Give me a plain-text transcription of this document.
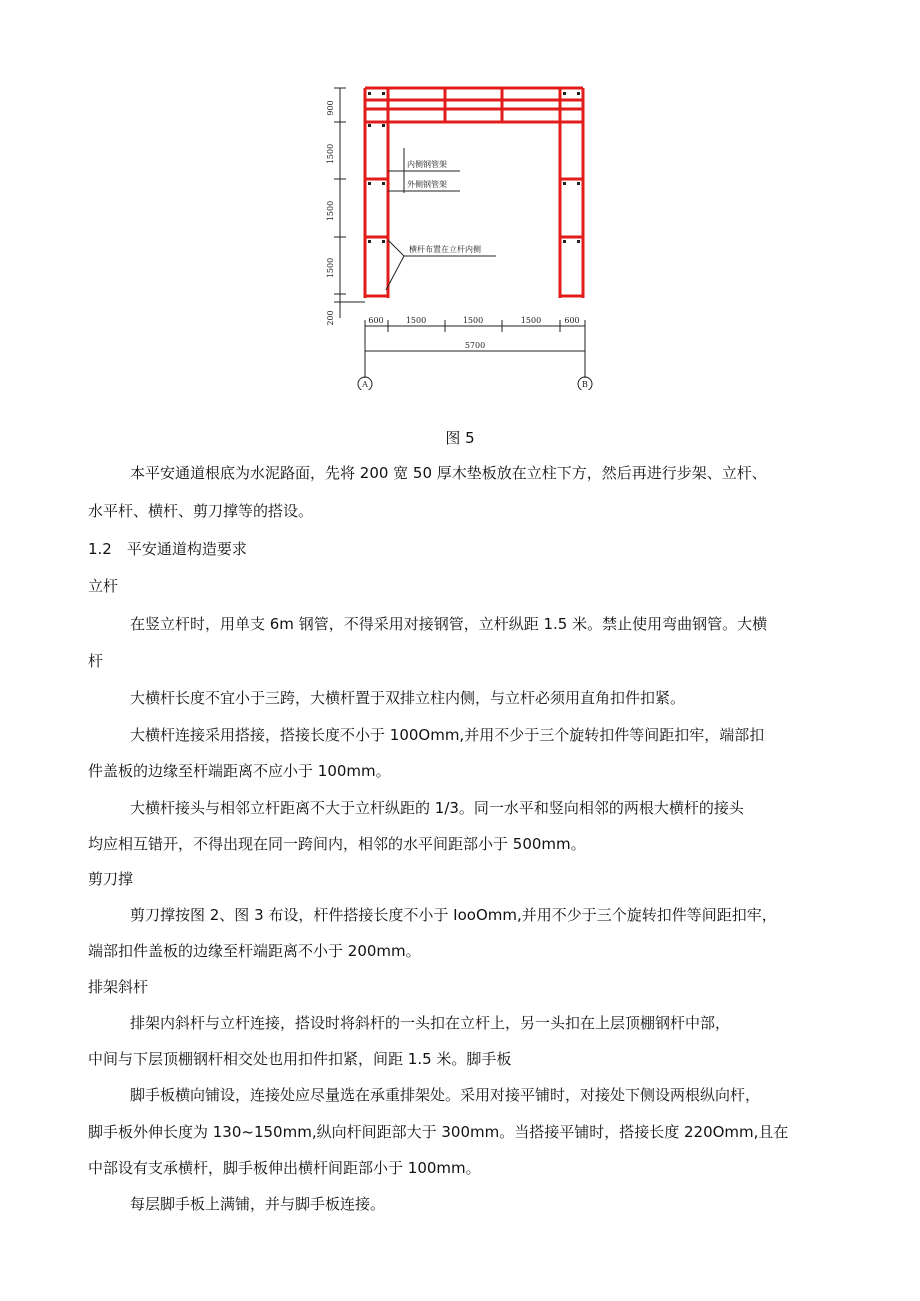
900
1500
1500
1500
200	600	1500	1500	1500	600
5700
A	B
内侧钢管架
外侧钢管架
横杆布置在立杆内侧
图 5
本平安通道根底为水泥路面，先将 200 宽 50 厚木垫板放在立柱下方，然后再进行步架、立杆、
水平杆、横杆、剪刀撑等的搭设。
1.2　平安通道构造要求
立杆
在竖立杆时，用单支 6m 钢管，不得采用对接钢管，立杆纵距 1.5 米。禁止使用弯曲钢管。大横
杆
大横杆长度不宜小于三跨，大横杆置于双排立柱内侧，与立杆必须用直角扣件扣紧。
大横杆连接采用搭接，搭接长度不小于 100Omm,并用不少于三个旋转扣件等间距扣牢，端部扣
件盖板的边缘至杆端距离不应小于 100mm。
大横杆接头与相邻立杆距离不大于立杆纵距的 1/3。同一水平和竖向相邻的两根大横杆的接头
均应相互错开，不得出现在同一跨间内，相邻的水平间距部小于 500mm。
剪刀撑
剪刀撑按图 2、图 3 布设，杆件搭接长度不小于 IooOmm,并用不少于三个旋转扣件等间距扣牢，
端部扣件盖板的边缘至杆端距离不小于 200mm。
排架斜杆
排架内斜杆与立杆连接，搭设时将斜杆的一头扣在立杆上，另一头扣在上层顶棚钢杆中部，
中间与下层顶棚钢杆相交处也用扣件扣紧，间距 1.5 米。脚手板
脚手板横向铺设，连接处应尽量选在承重排架处。采用对接平铺时，对接处下侧设两根纵向杆，
脚手板外伸长度为 130~150mm,纵向杆间距部大于 300mm。当搭接平铺时，搭接长度 220Omm,且在
中部设有支承横杆，脚手板伸出横杆间距部小于 100mm。
每层脚手板上满铺，并与脚手板连接。
